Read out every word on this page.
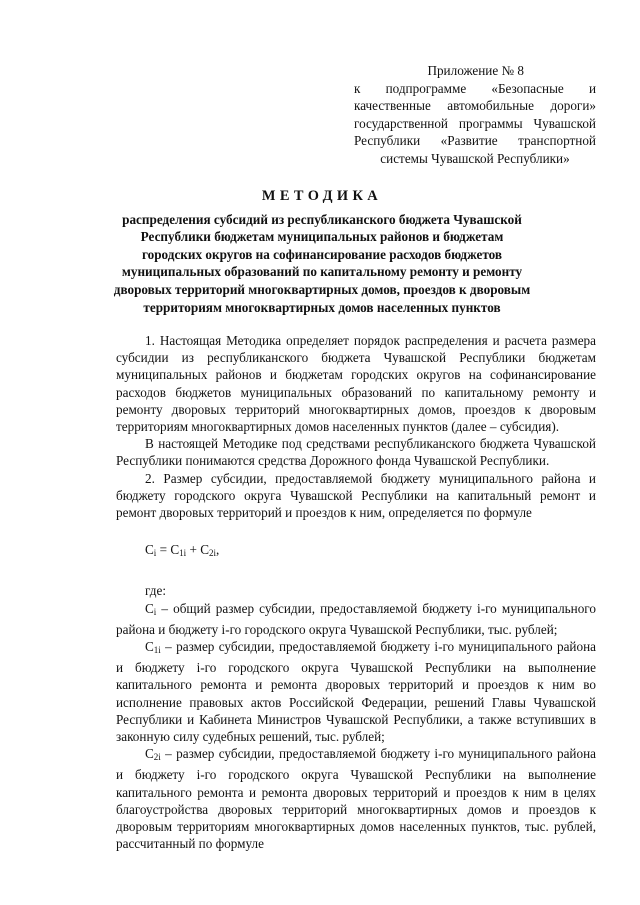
Приложение № 8
к подпрограмме «Безопасные и качественные автомобильные дороги» государственной программы Чувашской Республики «Развитие транспортной системы Чувашской Республики»
МЕТОДИКА
распределения субсидий из республиканского бюджета Чувашской Республики бюджетам муниципальных районов и бюджетам городских округов на софинансирование расходов бюджетов муниципальных образований по капитальному ремонту и ремонту дворовых территорий многоквартирных домов, проездов к дворовым территориям многоквартирных домов населенных пунктов

1. Настоящая Методика определяет порядок распределения и расчета размера субсидии из республиканского бюджета Чувашской Республики бюджетам муниципальных районов и бюджетам городских округов на софинансирование расходов бюджетов муниципальных образований по капитальному ремонту и ремонту дворовых территорий многоквартирных домов, проездов к дворовым территориям многоквартирных домов населенных пунктов (далее – субсидия).

В настоящей Методике под средствами республиканского бюджета Чувашской Республики понимаются средства Дорожного фонда Чувашской Республики.

2. Размер субсидии, предоставляемой бюджету муниципального района и бюджету городского округа Чувашской Республики на капитальный ремонт и ремонт дворовых территорий и проездов к ним, определяется по формуле

$C_i = C_{1i} + C_{2i}$,

где:

$C_i$ – общий размер субсидии, предоставляемой бюджету i-го муниципального района и бюджету i-го городского округа Чувашской Республики, тыс. рублей;

$C_{1i}$ – размер субсидии, предоставляемой бюджету i-го муниципального района и бюджету i-го городского округа Чувашской Республики на выполнение капитального ремонта и ремонта дворовых территорий и проездов к ним во исполнение правовых актов Российской Федерации, решений Главы Чувашской Республики и Кабинета Министров Чувашской Республики, а также вступивших в законную силу судебных решений, тыс. рублей;

$C_{2i}$ – размер субсидии, предоставляемой бюджету i-го муниципального района и бюджету i-го городского округа Чувашской Республики на выполнение капитального ремонта и ремонта дворовых территорий и проездов к ним в целях благоустройства дворовых территорий многоквартирных домов и проездов к дворовым территориям многоквартирных домов населенных пунктов, тыс. рублей, рассчитанный по формуле
